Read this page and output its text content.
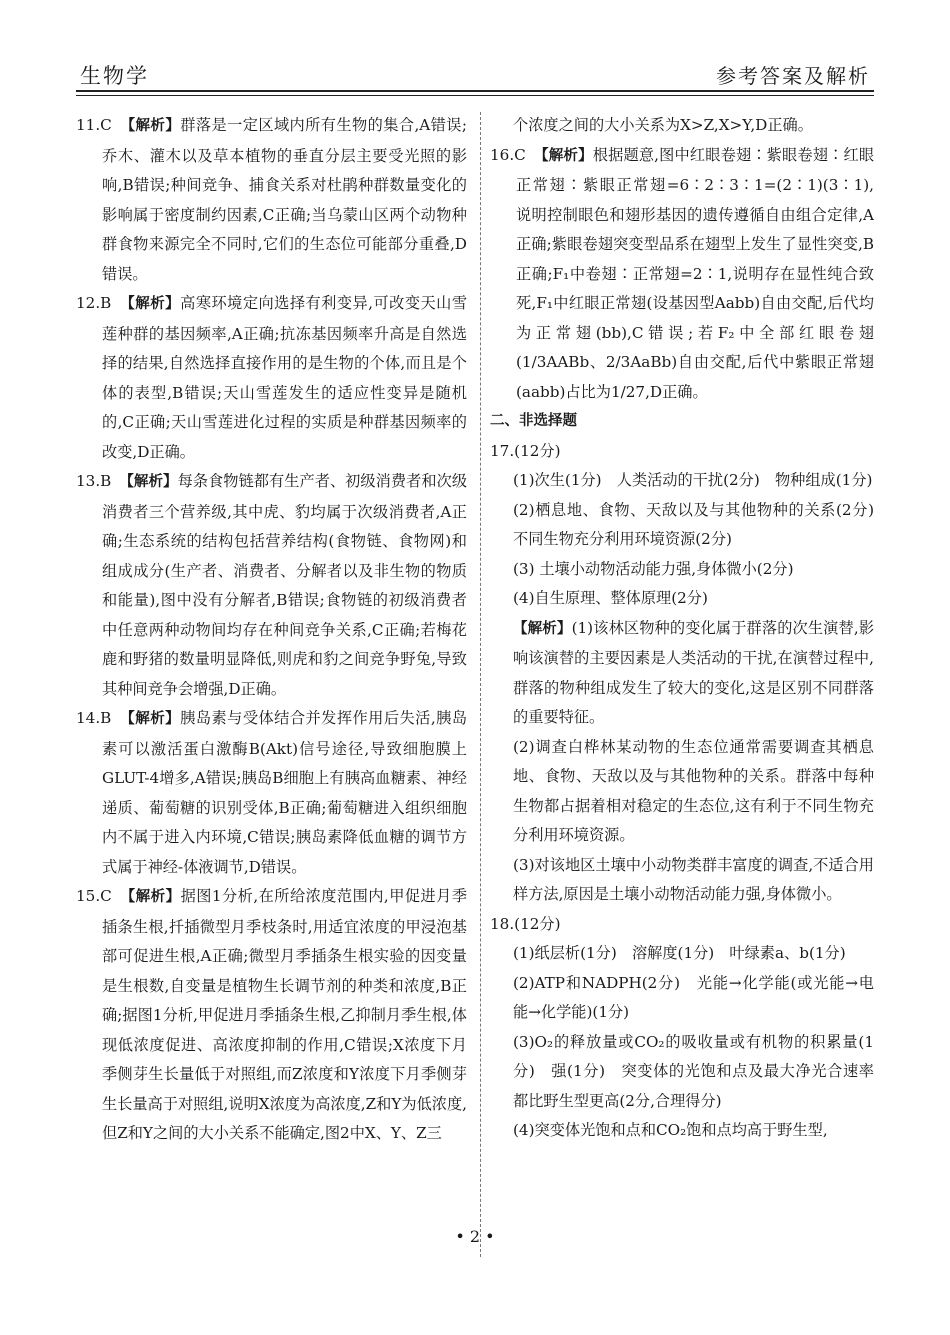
生物学	参考答案及解析

11.C　 【解析】群落是一定区域内所有生物的集合,A错误;乔木、灌木以及草本植物的垂直分层主要受光照的影响,B错误;种间竞争、捕食关系对杜鹃种群数量变化的影响属于密度制约因素,C正确;当乌蒙山区两个动物种群食物来源完全不同时,它们的生态位可能部分重叠,D错误。

12.B　 【解析】高寒环境定向选择有利变异,可改变天山雪莲种群的基因频率,A正确;抗冻基因频率升高是自然选择的结果,自然选择直接作用的是生物的个体,而且是个体的表型,B错误;天山雪莲发生的适应性变异是随机的,C正确;天山雪莲进化过程的实质是种群基因频率的改变,D正确。

13.B　 【解析】每条食物链都有生产者、初级消费者和次级消费者三个营养级,其中虎、豹均属于次级消费者,A正确;生态系统的结构包括营养结构(食物链、食物网)和组成成分(生产者、消费者、分解者以及非生物的物质和能量),图中没有分解者,B错误;食物链的初级消费者中任意两种动物间均存在种间竞争关系,C正确;若梅花鹿和野猪的数量明显降低,则虎和豹之间竞争野兔,导致其种间竞争会增强,D正确。

14.B　 【解析】胰岛素与受体结合并发挥作用后失活,胰岛素可以激活蛋白激酶B(Akt)信号途径,导致细胞膜上GLUT-4增多,A错误;胰岛B细胞上有胰高血糖素、神经递质、葡萄糖的识别受体,B正确;葡萄糖进入组织细胞内不属于进入内环境,C错误;胰岛素降低血糖的调节方式属于神经-体液调节,D错误。

15.C　 【解析】据图1分析,在所给浓度范围内,甲促进月季插条生根,扦插微型月季枝条时,用适宜浓度的甲浸泡基部可促进生根,A正确;微型月季插条生根实验的因变量是生根数,自变量是植物生长调节剂的种类和浓度,B正确;据图1分析,甲促进月季插条生根,乙抑制月季生根,体现低浓度促进、高浓度抑制的作用,C错误;X浓度下月季侧芽生长量低于对照组,而Z浓度和Y浓度下月季侧芽生长量高于对照组,说明X浓度为高浓度,Z和Y为低浓度,但Z和Y之间的大小关系不能确定,图2中X、Y、Z三

个浓度之间的大小关系为X>Z,X>Y,D正确。

16.C　 【解析】根据题意,图中红眼卷翅∶紫眼卷翅∶红眼正常翅∶紫眼正常翅=6∶2∶3∶1=(2∶1)(3∶1),说明控制眼色和翅形基因的遗传遵循自由组合定律,A正确;紫眼卷翅突变型品系在翅型上发生了显性突变,B正确;F₁中卷翅∶正常翅=2∶1,说明存在显性纯合致死,F₁中红眼正常翅(设基因型Aabb)自由交配,后代均为正常翅(bb),C错误;若F₂中全部红眼卷翅(1/3AABb、2/3AaBb)自由交配,后代中紫眼正常翅(aabb)占比为1/27,D正确。

二、非选择题

17.(12分)

(1)次生(1分)　人类活动的干扰(2分)　物种组成(1分)

(2)栖息地、食物、天敌以及与其他物种的关系(2分)　不同生物充分利用环境资源(2分)

(3) 土壤小动物活动能力强,身体微小(2分)

(4)自生原理、整体原理(2分)

【解析】(1)该林区物种的变化属于群落的次生演替,影响该演替的主要因素是人类活动的干扰,在演替过程中,群落的物种组成发生了较大的变化,这是区别不同群落的重要特征。

(2)调查白桦林某动物的生态位通常需要调查其栖息地、食物、天敌以及与其他物种的关系。群落中每种生物都占据着相对稳定的生态位,这有利于不同生物充分利用环境资源。

(3)对该地区土壤中小动物类群丰富度的调查,不适合用样方法,原因是土壤小动物活动能力强,身体微小。

18.(12分)

(1)纸层析(1分)　溶解度(1分)　叶绿素a、b(1分)

(2)ATP和NADPH(2分)　光能→化学能(或光能→电能→化学能)(1分)

(3)O₂的释放量或CO₂的吸收量或有机物的积累量(1分)　强(1分)　突变体的光饱和点及最大净光合速率都比野生型更高(2分,合理得分)

(4)突变体光饱和点和CO₂饱和点均高于野生型,

• 2 •
